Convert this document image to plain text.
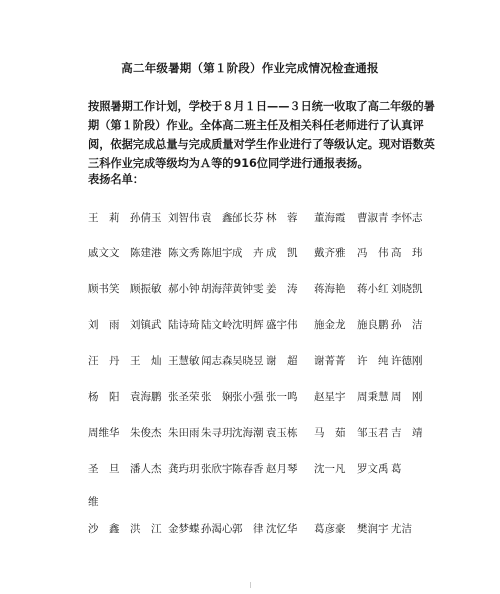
高二年级暑期（第１阶段）作业完成情况检查通报
按照暑期工作计划，学校于８月１日——３日统一收取了高二年级的暑期（第１阶段）作业。全体高二班主任及相关科任老师进行了认真评阅，依据完成总量与完成质量对学生作业进行了等级认定。现对语数英三科作业完成等级均为Ａ等的916位同学进行通报表扬。
表扬名单：
王　莉 孙倩玉 刘智伟 袁　鑫 邰长芬 林　蓉 董海霞 曹淑青 李怀志
戚文文 陈建港 陈文秀 陈旭宇 成　卉 成　凯 戴齐雅 冯　伟 高　玮
顾书笑 顾振敏 郝小钟 胡海萍 黄钟雯 姜　涛 蒋海艳 蒋小红 刘晓凯
刘　雨 刘镇武 陆诗琦 陆文岭 沈明辉 盛宇伟 施金龙 施良鹏 孙　洁
汪　丹 王　灿 王慧敏 闻志森 吴晓昱 谢　超 谢菁菁 许　纯 许德刚
杨　阳 袁海鹏 张圣荣 张　娴 张小强 张一鸣 赵星宇 周秉慧 周　刚
周维华 朱俊杰 朱田雨 朱寻玥 沈海潮 袁玉栋 马　茹 邹玉君 吉　靖
圣　旦 潘人杰 龚玙玥 张欣宇 陈春香 赵月琴 沈一凡 罗文禹 葛
沙　鑫 洪　江 金梦蝶 孙渴心 郭　律 沈忆华 葛彦豪 樊润宇 尤洁
维
